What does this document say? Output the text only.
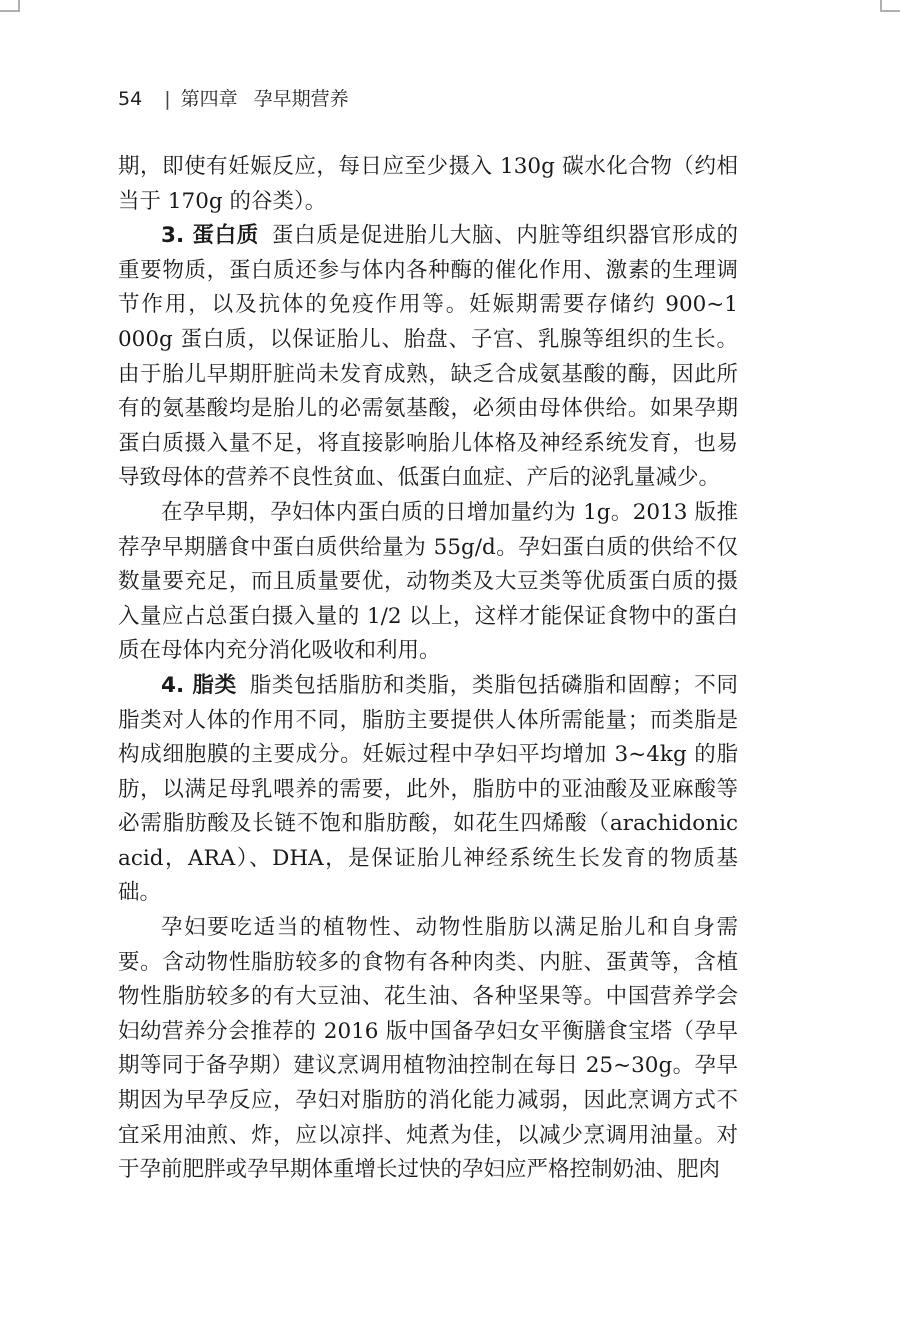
54 | 第四章 孕早期营养

期，即使有妊娠反应，每日应至少摄入 130g 碳水化合物（约相当于 170g 的谷类）。

3. 蛋白质 蛋白质是促进胎儿大脑、内脏等组织器官形成的重要物质，蛋白质还参与体内各种酶的催化作用、激素的生理调节作用，以及抗体的免疫作用等。妊娠期需要存储约 900~1 000g 蛋白质，以保证胎儿、胎盘、子宫、乳腺等组织的生长。由于胎儿早期肝脏尚未发育成熟，缺乏合成氨基酸的酶，因此所有的氨基酸均是胎儿的必需氨基酸，必须由母体供给。如果孕期蛋白质摄入量不足，将直接影响胎儿体格及神经系统发育，也易导致母体的营养不良性贫血、低蛋白血症、产后的泌乳量减少。

在孕早期，孕妇体内蛋白质的日增加量约为 1g。2013 版推荐孕早期膳食中蛋白质供给量为 55g/d。孕妇蛋白质的供给不仅数量要充足，而且质量要优，动物类及大豆类等优质蛋白质的摄入量应占总蛋白摄入量的 1/2 以上，这样才能保证食物中的蛋白质在母体内充分消化吸收和利用。

4. 脂类 脂类包括脂肪和类脂，类脂包括磷脂和固醇；不同脂类对人体的作用不同，脂肪主要提供人体所需能量；而类脂是构成细胞膜的主要成分。妊娠过程中孕妇平均增加 3~4kg 的脂肪，以满足母乳喂养的需要，此外，脂肪中的亚油酸及亚麻酸等必需脂肪酸及长链不饱和脂肪酸，如花生四烯酸（arachidonic acid，ARA）、DHA，是保证胎儿神经系统生长发育的物质基础。

孕妇要吃适当的植物性、动物性脂肪以满足胎儿和自身需要。含动物性脂肪较多的食物有各种肉类、内脏、蛋黄等，含植物性脂肪较多的有大豆油、花生油、各种坚果等。中国营养学会妇幼营养分会推荐的 2016 版中国备孕妇女平衡膳食宝塔（孕早期等同于备孕期）建议烹调用植物油控制在每日 25~30g。孕早期因为早孕反应，孕妇对脂肪的消化能力减弱，因此烹调方式不宜采用油煎、炸，应以凉拌、炖煮为佳，以减少烹调用油量。对于孕前肥胖或孕早期体重增长过快的孕妇应严格控制奶油、肥肉
